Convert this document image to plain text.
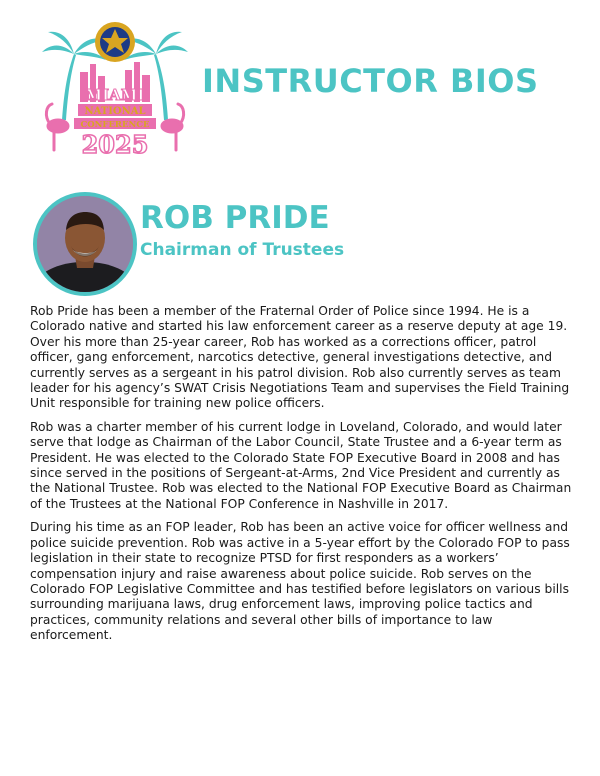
MIAMI
NATIONAL
CONFERENCE
2025
INSTRUCTOR BIOS
ROB PRIDE
Chairman of Trustees

Rob Pride has been a member of the Fraternal Order of Police since 1994. He is a Colorado native and started his law enforcement career as a reserve deputy at age 19. Over his more than 25-year career, Rob has worked as a corrections officer, patrol officer, gang enforcement, narcotics detective, general investigations detective, and currently serves as a sergeant in his patrol division. Rob also currently serves as team leader for his agency’s SWAT Crisis Negotiations Team and supervises the Field Training Unit responsible for training new police officers.

Rob was a charter member of his current lodge in Loveland, Colorado, and would later serve that lodge as Chairman of the Labor Council, State Trustee and a 6-year term as President. He was elected to the Colorado State FOP Executive Board in 2008 and has since served in the positions of Sergeant-at-Arms, 2nd Vice President and currently as the National Trustee. Rob was elected to the National FOP Executive Board as Chairman of the Trustees at the National FOP Conference in Nashville in 2017.

During his time as an FOP leader, Rob has been an active voice for officer wellness and police suicide prevention. Rob was active in a 5-year effort by the Colorado FOP to pass legislation in their state to recognize PTSD for first responders as a workers’ compensation injury and raise awareness about police suicide. Rob serves on the Colorado FOP Legislative Committee and has testified before legislators on various bills surrounding marijuana laws, drug enforcement laws, improving police tactics and practices, community relations and several other bills of importance to law enforcement.
